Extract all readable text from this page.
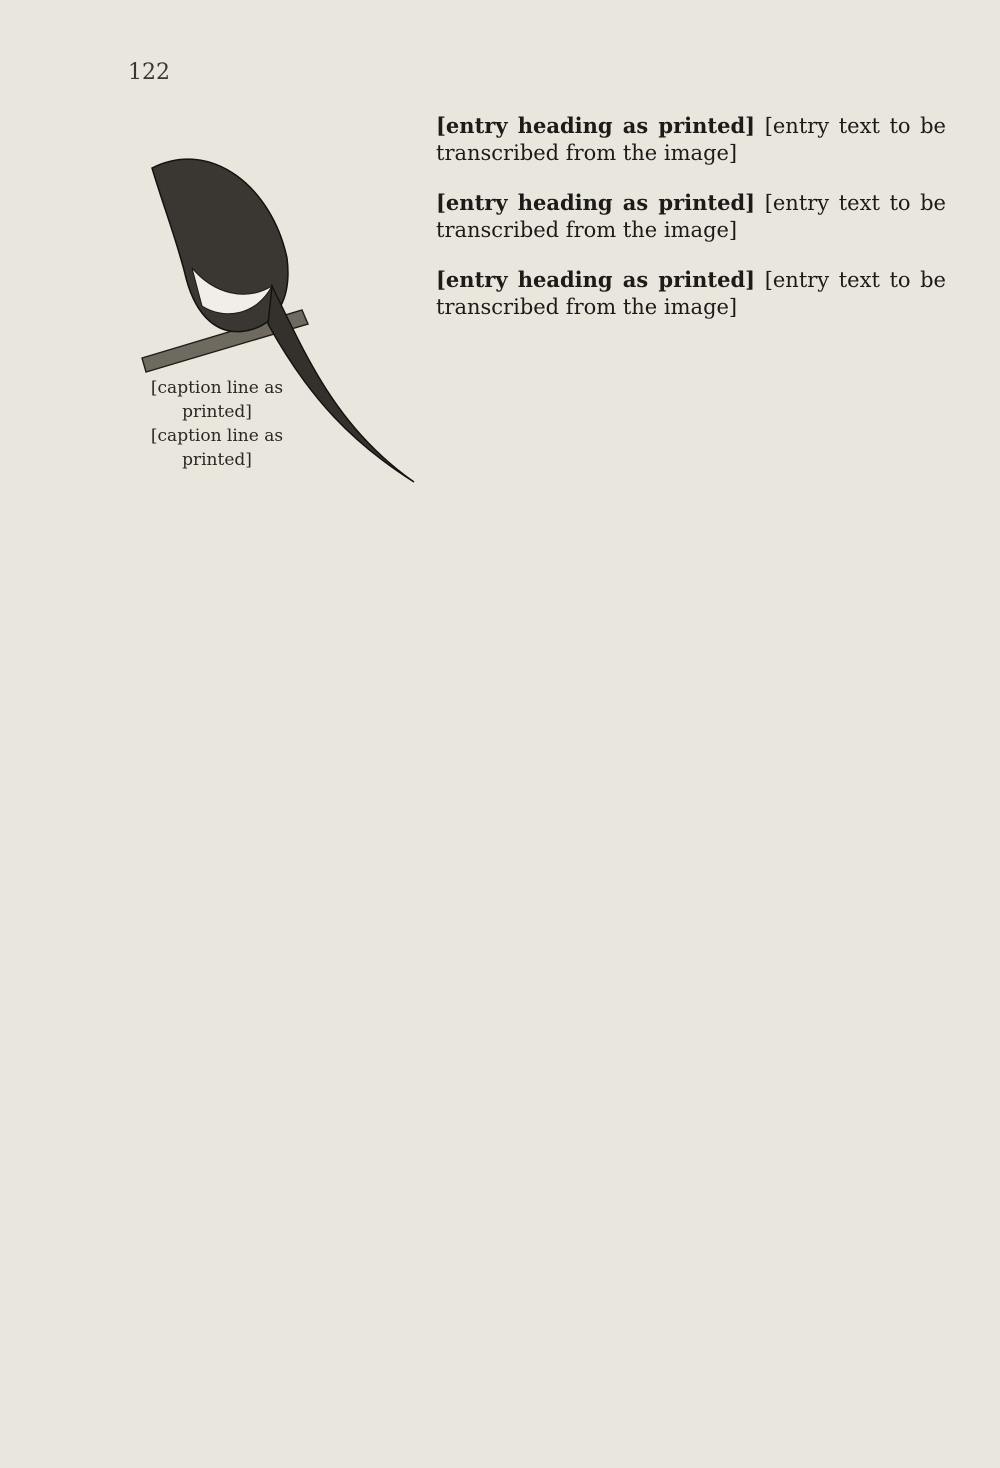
122

[caption line as printed]
[caption line as printed]
[entry heading as printed] [entry text to be transcribed from the image]

[entry heading as printed] [entry text to be transcribed from the image]

[entry heading as printed] [entry text to be transcribed from the image]
